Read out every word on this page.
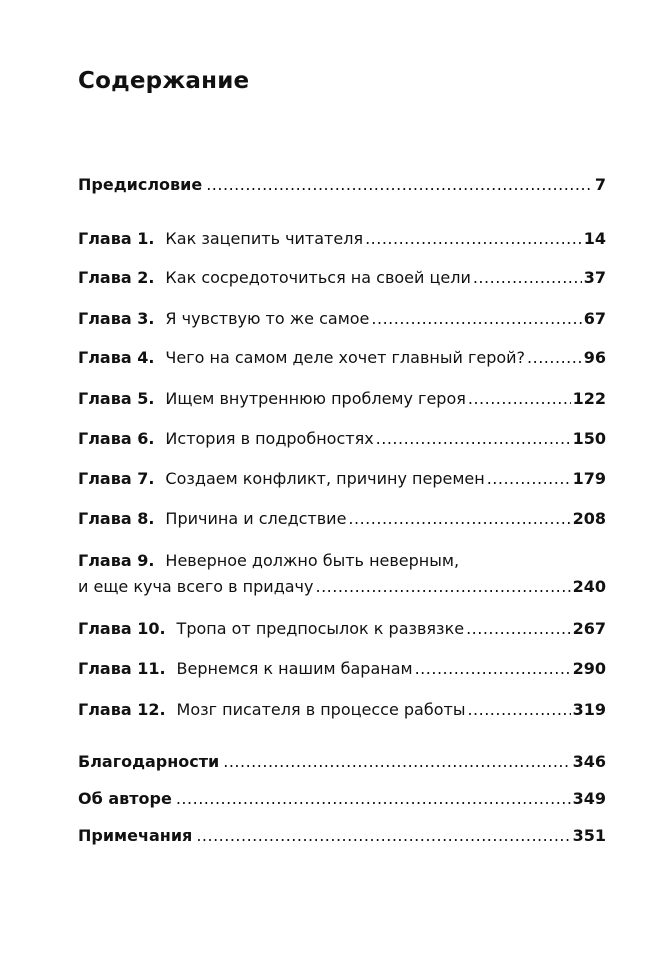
Содержание
Предисловие .....	7
Глава 1. Как зацепить читателя .....	14
Глава 2. Как сосредоточиться на своей цели .....	37
Глава 3. Я чувствую то же самое .....	67
Глава 4. Чего на самом деле хочет главный герой? .....	96
Глава 5. Ищем внутреннюю проблему героя .....	122
Глава 6. История в подробностях .....	150
Глава 7. Создаем конфликт, причину перемен .....	179
Глава 8. Причина и следствие .....	208
Глава 9. Неверное должно быть неверным,
и еще куча всего в придачу .....	240
Глава 10. Тропа от предпосылок к развязке .....	267
Глава 11. Вернемся к нашим баранам .....	290
Глава 12. Мозг писателя в процессе работы .....	319
Благодарности .....	346
Об авторе .....	349
Примечания .....	351
